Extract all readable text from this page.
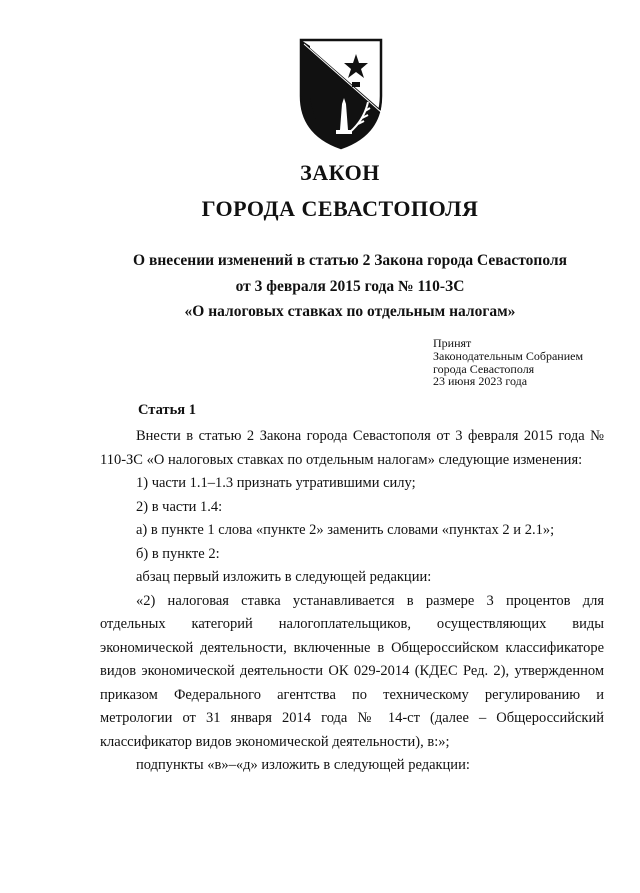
ЗАКОН
ГОРОДА СЕВАСТОПОЛЯ
О внесении изменений в статью 2 Закона города Севастополя
от 3 февраля 2015 года № 110-ЗС
«О налоговых ставках по отдельным налогам»
Принят
Законодательным Собранием
города Севастополя
23 июня 2023 года
Статья 1

Внести в статью 2 Закона города Севастополя от 3 февраля 2015 года № 110-ЗС «О налоговых ставках по отдельным налогам» следующие изменения:

1) части 1.1–1.3 признать утратившими силу;

2) в части 1.4:

а) в пункте 1 слова «пункте 2» заменить словами «пунктах 2 и 2.1»;

б) в пункте 2:

абзац первый изложить в следующей редакции:

«2) налоговая ставка устанавливается в размере 3 процентов для отдельных категорий налогоплательщиков, осуществляющих виды экономической деятельности, включенные в Общероссийском классификаторе видов экономической деятельности ОК 029-2014 (КДЕС Ред. 2), утвержденном приказом Федерального агентства по техническому регулированию и метрологии от 31 января 2014 года № 14-ст (далее – Общероссийский классификатор видов экономической деятельности), в:»;

подпункты «в»–«д» изложить в следующей редакции:
